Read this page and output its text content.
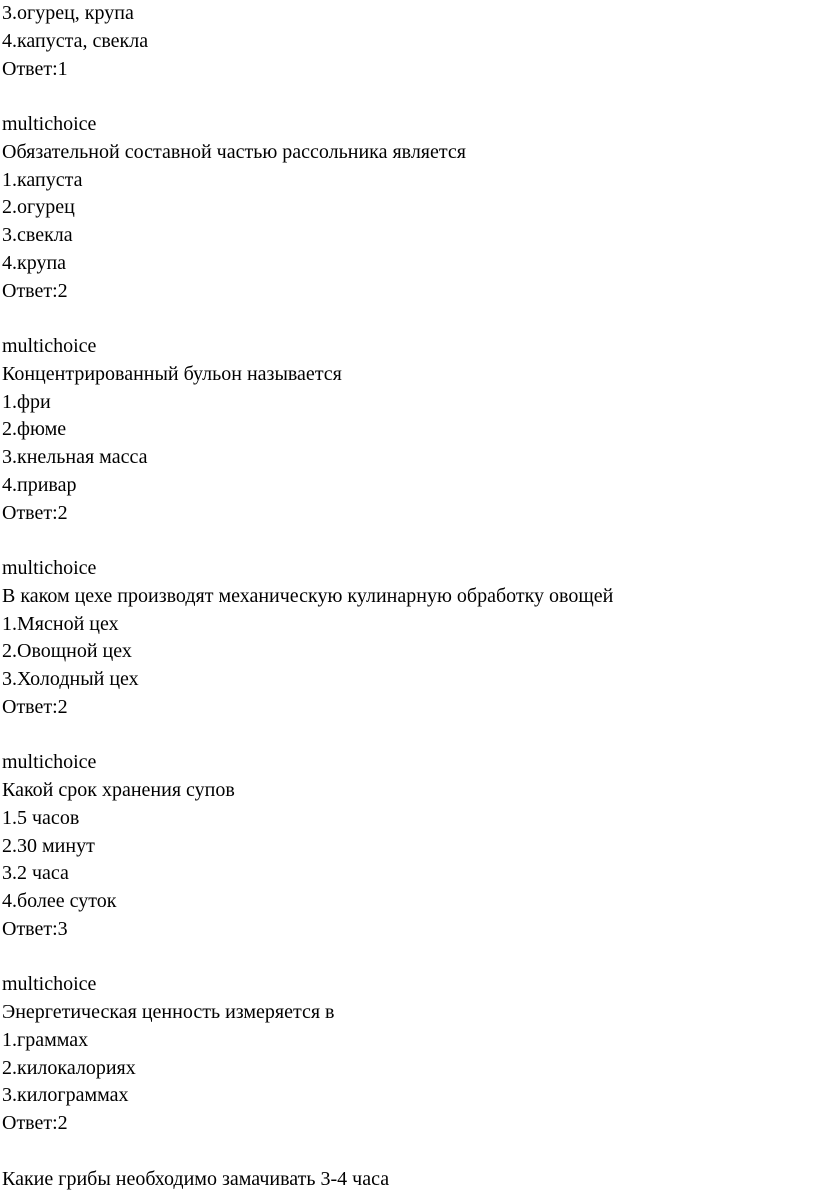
3.огурец, крупа
4.капуста, свекла
Ответ:1
multichoice
Обязательной составной частью рассольника является
1.капуста
2.огурец
3.свекла
4.крупа
Ответ:2
multichoice
Концентрированный бульон называется
1.фри
2.фюме
3.кнельная масса
4.привар
Ответ:2
multichoice
В каком цехе производят механическую кулинарную обработку овощей
1.Мясной цех
2.Овощной цех
3.Холодный цех
Ответ:2
multichoice
Какой срок хранения супов
1.5 часов
2.30 минут
3.2 часа
4.более суток
Ответ:3
multichoice
Энергетическая ценность измеряется в
1.граммах
2.килокалориях
3.килограммах
Ответ:2
Какие грибы необходимо замачивать 3-4 часа
